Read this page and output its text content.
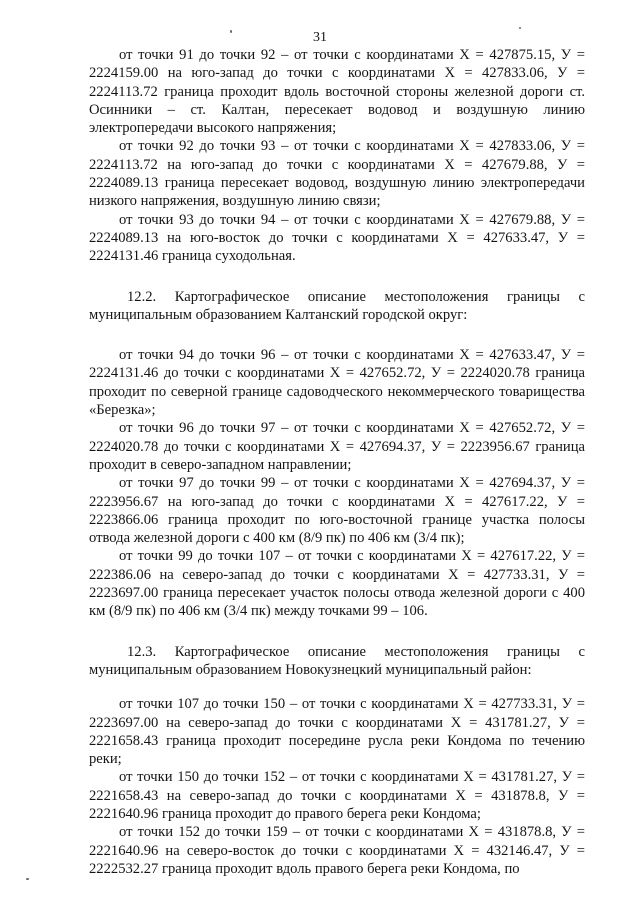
31

от точки 91 до точки 92 – от точки с координатами X = 427875.15, У = 2224159.00 на юго-запад до точки с координатами X = 427833.06, У = 2224113.72 граница проходит вдоль восточной стороны железной дороги ст. Осинники – ст. Калтан, пересекает водовод и воздушную линию электропередачи высокого напряжения;

от точки 92 до точки 93 – от точки с координатами X = 427833.06, У = 2224113.72 на юго-запад до точки с координатами X = 427679.88, У = 2224089.13 граница пересекает водовод, воздушную линию электропередачи низкого напряжения, воздушную линию связи;

от точки 93 до точки 94 – от точки с координатами X = 427679.88, У = 2224089.13 на юго-восток до точки с координатами X = 427633.47, У = 2224131.46 граница суходольная.

12.2. Картографическое описание местоположения границы с муниципальным образованием Калтанский городской округ:

от точки 94 до точки 96 – от точки с координатами X = 427633.47, У = 2224131.46 до точки с координатами X = 427652.72, У = 2224020.78 граница проходит по северной границе садоводческого некоммерческого товарищества «Березка»;

от точки 96 до точки 97 – от точки с координатами X = 427652.72, У = 2224020.78 до точки с координатами X = 427694.37, У = 2223956.67 граница проходит в северо-западном направлении;

от точки 97 до точки 99 – от точки с координатами X = 427694.37, У = 2223956.67 на юго-запад до точки с координатами X = 427617.22, У = 2223866.06 граница проходит по юго-восточной границе участка полосы отвода железной дороги с 400 км (8/9 пк) по 406 км (3/4 пк);

от точки 99 до точки 107 – от точки с координатами X = 427617.22, У = 222386.06 на северо-запад до точки с координатами X = 427733.31, У = 2223697.00 граница пересекает участок полосы отвода железной дороги с 400 км (8/9 пк) по 406 км (3/4 пк) между точками 99 – 106.

12.3. Картографическое описание местоположения границы с муниципальным образованием Новокузнецкий муниципальный район:

от точки 107 до точки 150 – от точки с координатами X = 427733.31, У = 2223697.00 на северо-запад до точки с координатами X = 431781.27, У = 2221658.43 граница проходит посередине русла реки Кондома по течению реки;

от точки 150 до точки 152 – от точки с координатами X = 431781.27, У = 2221658.43 на северо-запад до точки с координатами X = 431878.8, У = 2221640.96 граница проходит до правого берега реки Кондома;

от точки 152 до точки 159 – от точки с координатами X = 431878.8, У = 2221640.96 на северо-восток до точки с координатами X = 432146.47, У = 2222532.27 граница проходит вдоль правого берега реки Кондома, по
